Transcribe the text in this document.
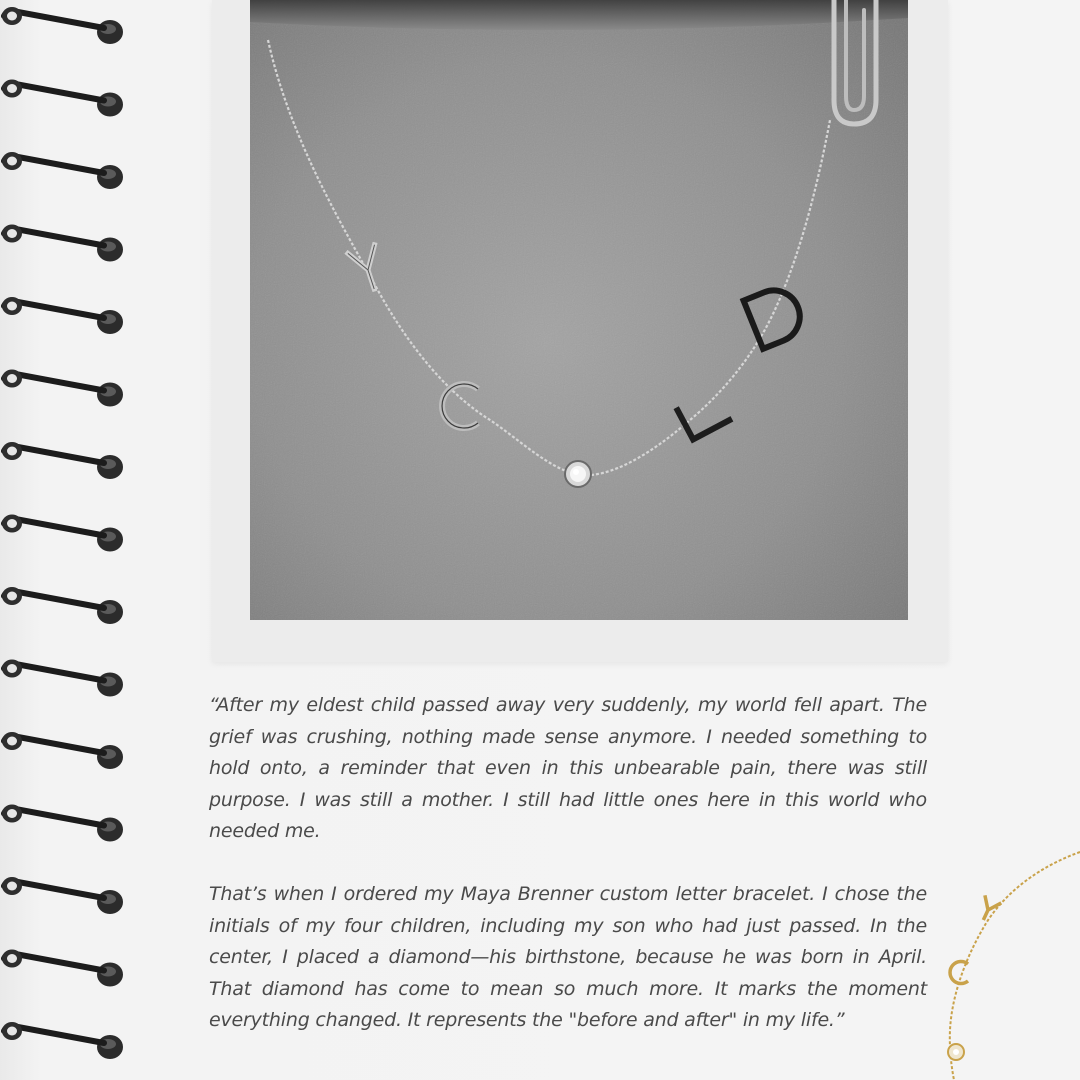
“After my eldest child passed away very suddenly, my world fell apart. The grief was crushing, nothing made sense anymore. I needed something to hold onto, a reminder that even in this unbearable pain, there was still purpose. I was still a mother. I still had little ones here in this world who needed me.

That’s when I ordered my Maya Brenner custom letter bracelet. I chose the initials of my four children, including my son who had just passed. In the center, I placed a diamond—his birthstone, because he was born in April. That diamond has come to mean so much more. It marks the moment everything changed. It represents the "before and after" in my life.”
